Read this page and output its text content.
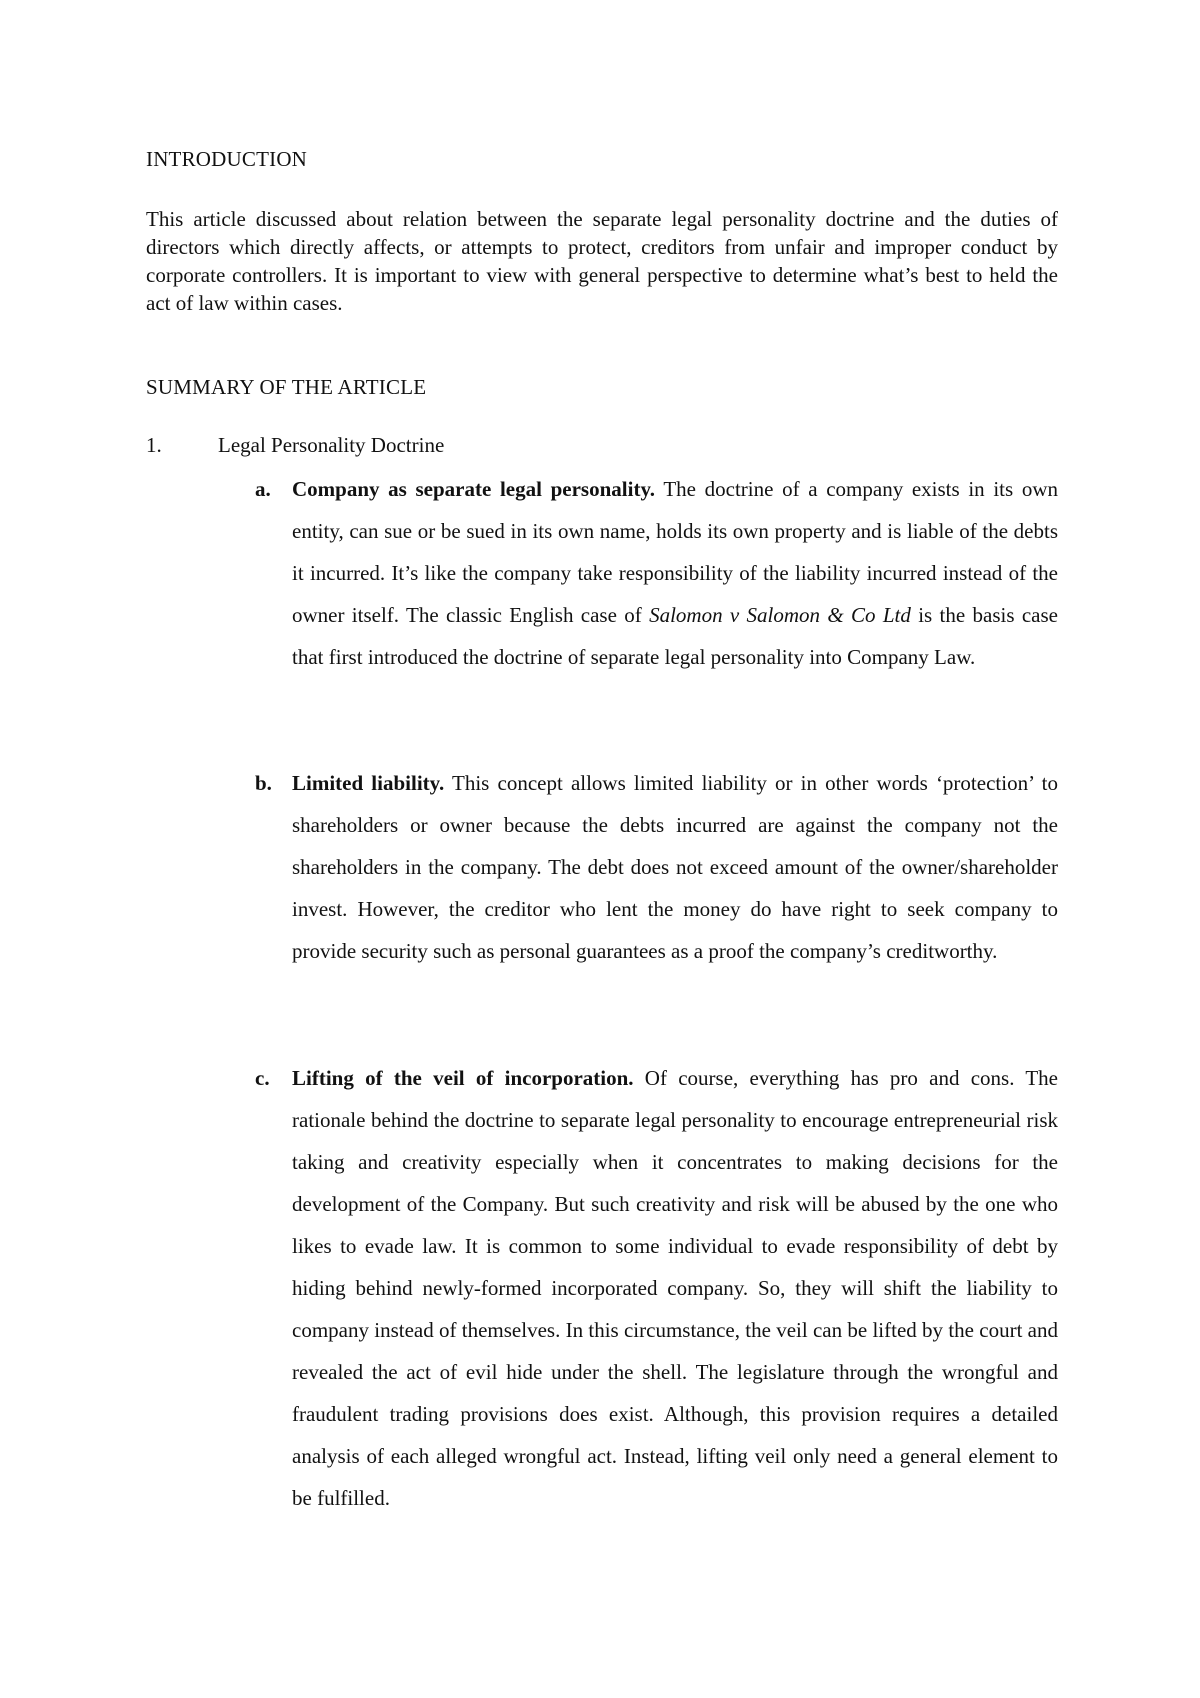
INTRODUCTION

This article discussed about relation between the separate legal personality doctrine and the duties of directors which directly affects, or attempts to protect, creditors from unfair and improper conduct by corporate controllers. It is important to view with general perspective to determine what’s best to held the act of law within cases.

SUMMARY OF THE ARTICLE
1.	Legal Personality Doctrine
a. Company as separate legal personality. The doctrine of a company exists in its own entity, can sue or be sued in its own name, holds its own property and is liable of the debts it incurred. It’s like the company take responsibility of the liability incurred instead of the owner itself. The classic English case of Salomon v Salomon & Co Ltd is the basis case that first introduced the doctrine of separate legal personality into Company Law.
b. Limited liability. This concept allows limited liability or in other words ‘protection’ to shareholders or owner because the debts incurred are against the company not the shareholders in the company. The debt does not exceed amount of the owner/shareholder invest. However, the creditor who lent the money do have right to seek company to provide security such as personal guarantees as a proof the company’s creditworthy.
c. Lifting of the veil of incorporation. Of course, everything has pro and cons. The rationale behind the doctrine to separate legal personality to encourage entrepreneurial risk taking and creativity especially when it concentrates to making decisions for the development of the Company. But such creativity and risk will be abused by the one who likes to evade law. It is common to some individual to evade responsibility of debt by hiding behind newly-formed incorporated company. So, they will shift the liability to company instead of themselves. In this circumstance, the veil can be lifted by the court and revealed the act of evil hide under the shell. The legislature through the wrongful and fraudulent trading provisions does exist. Although, this provision requires a detailed analysis of each alleged wrongful act. Instead, lifting veil only need a general element to be fulfilled.
